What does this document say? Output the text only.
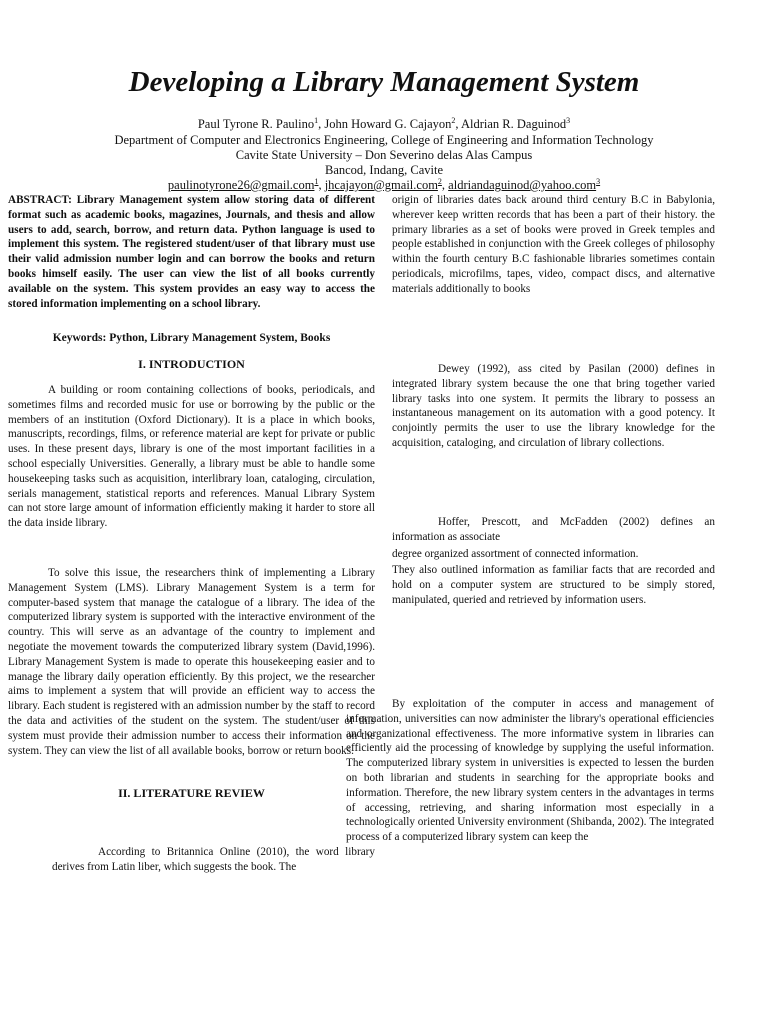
Developing a Library Management System
Paul Tyrone R. Paulino$^1$, John Howard G. Cajayon$^2$, Aldrian R. Daguinod$^3$
Department of Computer and Electronics Engineering, College of Engineering and Information Technology
Cavite State University – Don Severino delas Alas Campus
Bancod, Indang, Cavite
paulinotyrone26@gmail.com$^1$, jhcajayon@gmail.com$^2$, aldriandaguinod@yahoo.com$^3$

ABSTRACT: Library Management system allow storing data of different format such as academic books, magazines, Journals, and thesis and allow users to add, search, borrow, and return data. Python language is used to implement this system. The registered student/user of that library must use their valid admission number login and can borrow the books and return books himself easily. The user can view the list of all books currently available on the system. This system provides an easy way to access the stored information implementing on a school library.

Keywords: Python, Library Management System, Books
I. INTRODUCTION

A building or room containing collections of books, periodicals, and sometimes films and recorded music for use or borrowing by the public or the members of an institution (Oxford Dictionary). It is a place in which books, manuscripts, recordings, films, or reference material are kept for private or public uses. In these present days, library is one of the most important facilities in a school especially Universities. Generally, a library must be able to handle some housekeeping tasks such as acquisition, interlibrary loan, cataloging, circulation, serials management, statistical reports and references. Manual Library System can not store large amount of information efficiently making it harder to store all the data inside library.

To solve this issue, the researchers think of implementing a Library Management System (LMS). Library Management System is a term for computer-based system that manage the catalogue of a library. The idea of the computerized library system is supported with the interactive environment of the country. This will serve as an advantage of the country to implement and negotiate the movement towards the computerized library system (David,1996). Library Management System is made to operate this housekeeping easier and to manage the library daily operation efficiently. By this project, we the researcher aims to implement a system that will provide an efficient way to access the library. Each student is registered with an admission number by the staff to record the data and activities of the student on the system. The student/user of this system must provide their admission number to access their information on the system. They can view the list of all available books, borrow or return books.

II. LITERATURE REVIEW

According to Britannica Online (2010), the word library derives from Latin liber, which suggests the book. The

origin of libraries dates back around third century B.C in Babylonia, wherever keep written records that has been a part of their history. the primary libraries as a set of books were proved in Greek temples and people established in conjunction with the Greek colleges of philosophy within the fourth century B.C fashionable libraries sometimes contain periodicals, microfilms, tapes, video, compact discs, and alternative materials additionally to books

Dewey (1992), ass cited by Pasilan (2000) defines in integrated library system because the one that bring together varied library tasks into one system. It permits the library to possess an instantaneous management on its automation with a good potency. It conjointly permits the user to use the library knowledge for the acquisition, cataloging, and circulation of library collections.

Hoffer, Prescott, and McFadden (2002) defines an information as associate

degree organized assortment of connected information.

They also outlined information as familiar facts that are recorded and hold on a computer system are structured to be simply stored, manipulated, queried and retrieved by information users.

By exploitation of the computer in access and management of information, universities can now administer the library's operational efficiencies and organizational effectiveness. The more informative system in libraries can efficiently aid the processing of knowledge by supplying the useful information. The computerized library system in universities is expected to lessen the burden on both librarian and students in searching for the appropriate books and information. Therefore, the new library system centers in the advantages in terms of accessing, retrieving, and sharing information most especially in a technologically oriented University environment (Shibanda, 2002). The integrated process of a computerized library system can keep the
